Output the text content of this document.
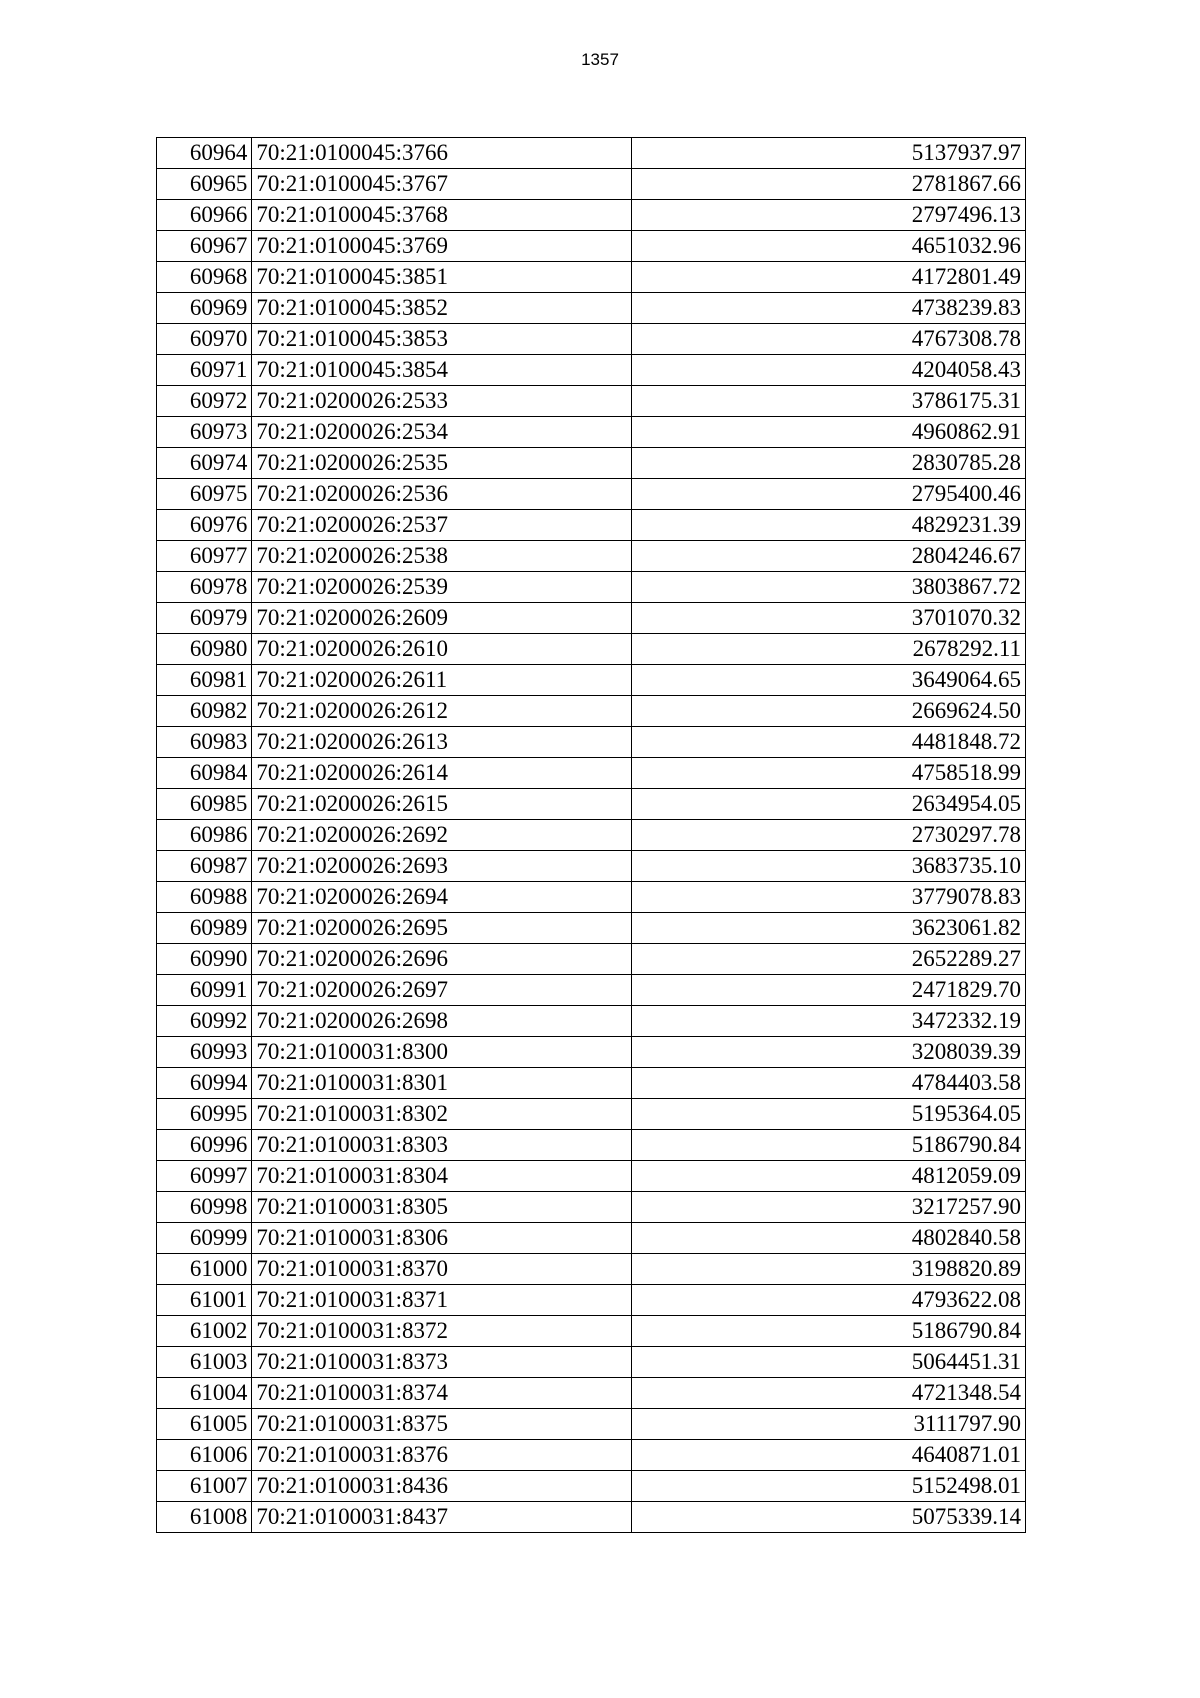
1357
60964	70:21:0100045:3766	5137937.97
60965	70:21:0100045:3767	2781867.66
60966	70:21:0100045:3768	2797496.13
60967	70:21:0100045:3769	4651032.96
60968	70:21:0100045:3851	4172801.49
60969	70:21:0100045:3852	4738239.83
60970	70:21:0100045:3853	4767308.78
60971	70:21:0100045:3854	4204058.43
60972	70:21:0200026:2533	3786175.31
60973	70:21:0200026:2534	4960862.91
60974	70:21:0200026:2535	2830785.28
60975	70:21:0200026:2536	2795400.46
60976	70:21:0200026:2537	4829231.39
60977	70:21:0200026:2538	2804246.67
60978	70:21:0200026:2539	3803867.72
60979	70:21:0200026:2609	3701070.32
60980	70:21:0200026:2610	2678292.11
60981	70:21:0200026:2611	3649064.65
60982	70:21:0200026:2612	2669624.50
60983	70:21:0200026:2613	4481848.72
60984	70:21:0200026:2614	4758518.99
60985	70:21:0200026:2615	2634954.05
60986	70:21:0200026:2692	2730297.78
60987	70:21:0200026:2693	3683735.10
60988	70:21:0200026:2694	3779078.83
60989	70:21:0200026:2695	3623061.82
60990	70:21:0200026:2696	2652289.27
60991	70:21:0200026:2697	2471829.70
60992	70:21:0200026:2698	3472332.19
60993	70:21:0100031:8300	3208039.39
60994	70:21:0100031:8301	4784403.58
60995	70:21:0100031:8302	5195364.05
60996	70:21:0100031:8303	5186790.84
60997	70:21:0100031:8304	4812059.09
60998	70:21:0100031:8305	3217257.90
60999	70:21:0100031:8306	4802840.58
61000	70:21:0100031:8370	3198820.89
61001	70:21:0100031:8371	4793622.08
61002	70:21:0100031:8372	5186790.84
61003	70:21:0100031:8373	5064451.31
61004	70:21:0100031:8374	4721348.54
61005	70:21:0100031:8375	3111797.90
61006	70:21:0100031:8376	4640871.01
61007	70:21:0100031:8436	5152498.01
61008	70:21:0100031:8437	5075339.14
